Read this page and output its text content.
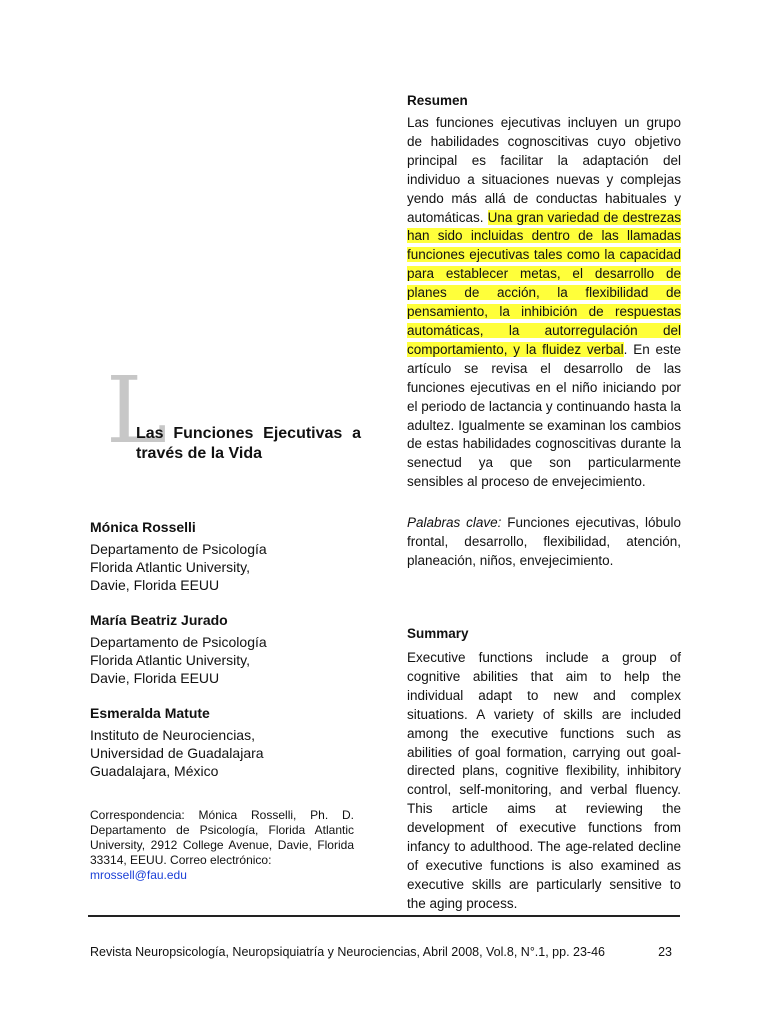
Resumen
Las funciones ejecutivas incluyen un grupo de habilidades cognoscitivas cuyo objetivo principal es facilitar la adaptación del individuo a situaciones nuevas y complejas yendo más allá de conductas habituales y automáticas. Una gran variedad de destrezas han sido incluidas dentro de las llamadas funciones ejecutivas tales como la capacidad para establecer metas, el desarrollo de planes de acción, la flexibilidad de pensamiento, la inhibición de respuestas automáticas, la autorregulación del comportamiento, y la fluidez verbal. En este artículo se revisa el desarrollo de las funciones ejecutivas en el niño iniciando por el periodo de lactancia y continuando hasta la adultez. Igualmente se examinan los cambios de estas habilidades cognoscitivas durante la senectud ya que son particularmente sensibles al proceso de envejecimiento.
Palabras clave: Funciones ejecutivas, lóbulo frontal, desarrollo, flexibilidad, atención, planeación, niños, envejecimiento.
L
Las Funciones Ejecutivas a través de la Vida
Mónica Rosselli
Departamento de Psicología
Florida Atlantic University,
Davie, Florida EEUU
María Beatriz Jurado
Departamento de Psicología
Florida Atlantic University,
Davie, Florida EEUU
Esmeralda Matute
Instituto de Neurociencias,
Universidad de Guadalajara
Guadalajara, México
Correspondencia: Mónica Rosselli, Ph. D. Departamento de Psicología, Florida Atlantic University, 2912 College Avenue, Davie, Florida 33314, EEUU. Correo electrónico:
mrossell@fau.edu
Summary
Executive functions include a group of cognitive abilities that aim to help the individual adapt to new and complex situations. A variety of skills are included among the executive functions such as abilities of goal formation, carrying out goal-directed plans, cognitive flexibility, inhibitory control, self-monitoring, and verbal fluency. This article aims at reviewing the development of executive functions from infancy to adulthood. The age-related decline of executive functions is also examined as executive skills are particularly sensitive to the aging process.
Revista Neuropsicología, Neuropsiquiatría y Neurociencias, Abril 2008, Vol.8, N°.1, pp. 23-46	23
